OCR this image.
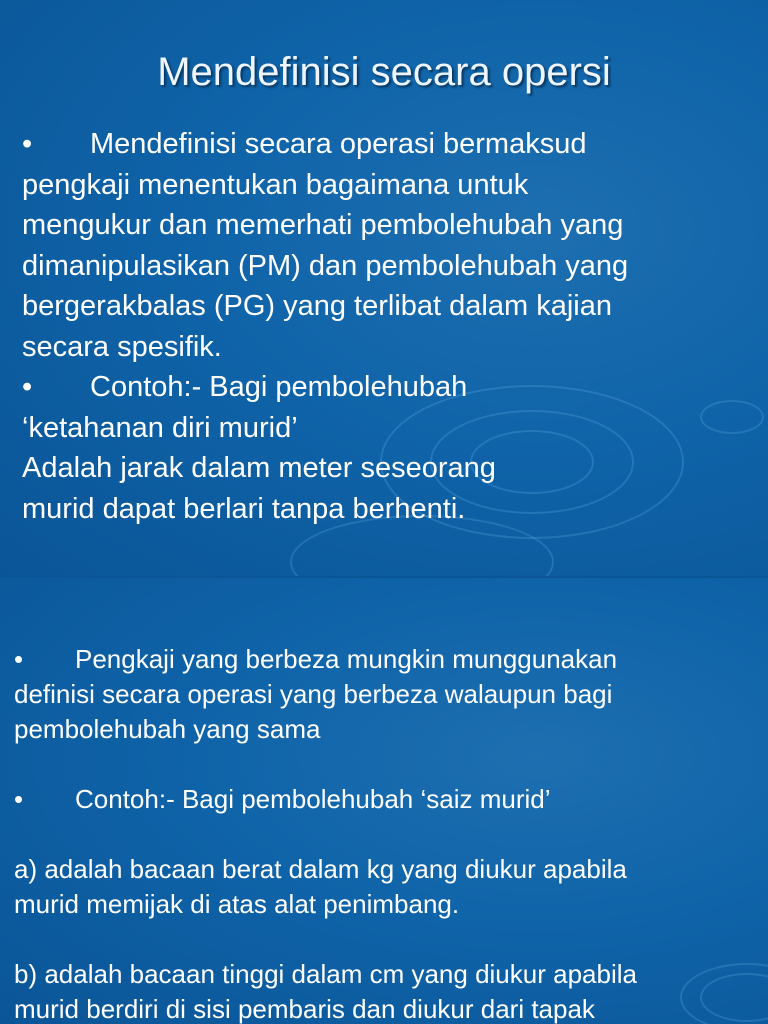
Mendefinisi secara opersi
• Mendefinisi secara operasi bermaksud
pengkaji menentukan bagaimana untuk
mengukur dan memerhati pembolehubah yang
dimanipulasikan (PM) dan pembolehubah yang
bergerakbalas (PG) yang terlibat dalam kajian
secara spesifik.
• Contoh:- Bagi pembolehubah
‘ketahanan diri murid’
Adalah jarak dalam meter seseorang
murid dapat berlari tanpa berhenti.
• Pengkaji yang berbeza mungkin munggunakan
definisi secara operasi yang berbeza walaupun bagi
pembolehubah yang sama
• Contoh:- Bagi pembolehubah ‘saiz murid’
a) adalah bacaan berat dalam kg yang diukur apabila
murid memijak di atas alat penimbang.
b) adalah bacaan tinggi dalam cm yang diukur apabila
murid berdiri di sisi pembaris dan diukur dari tapak
